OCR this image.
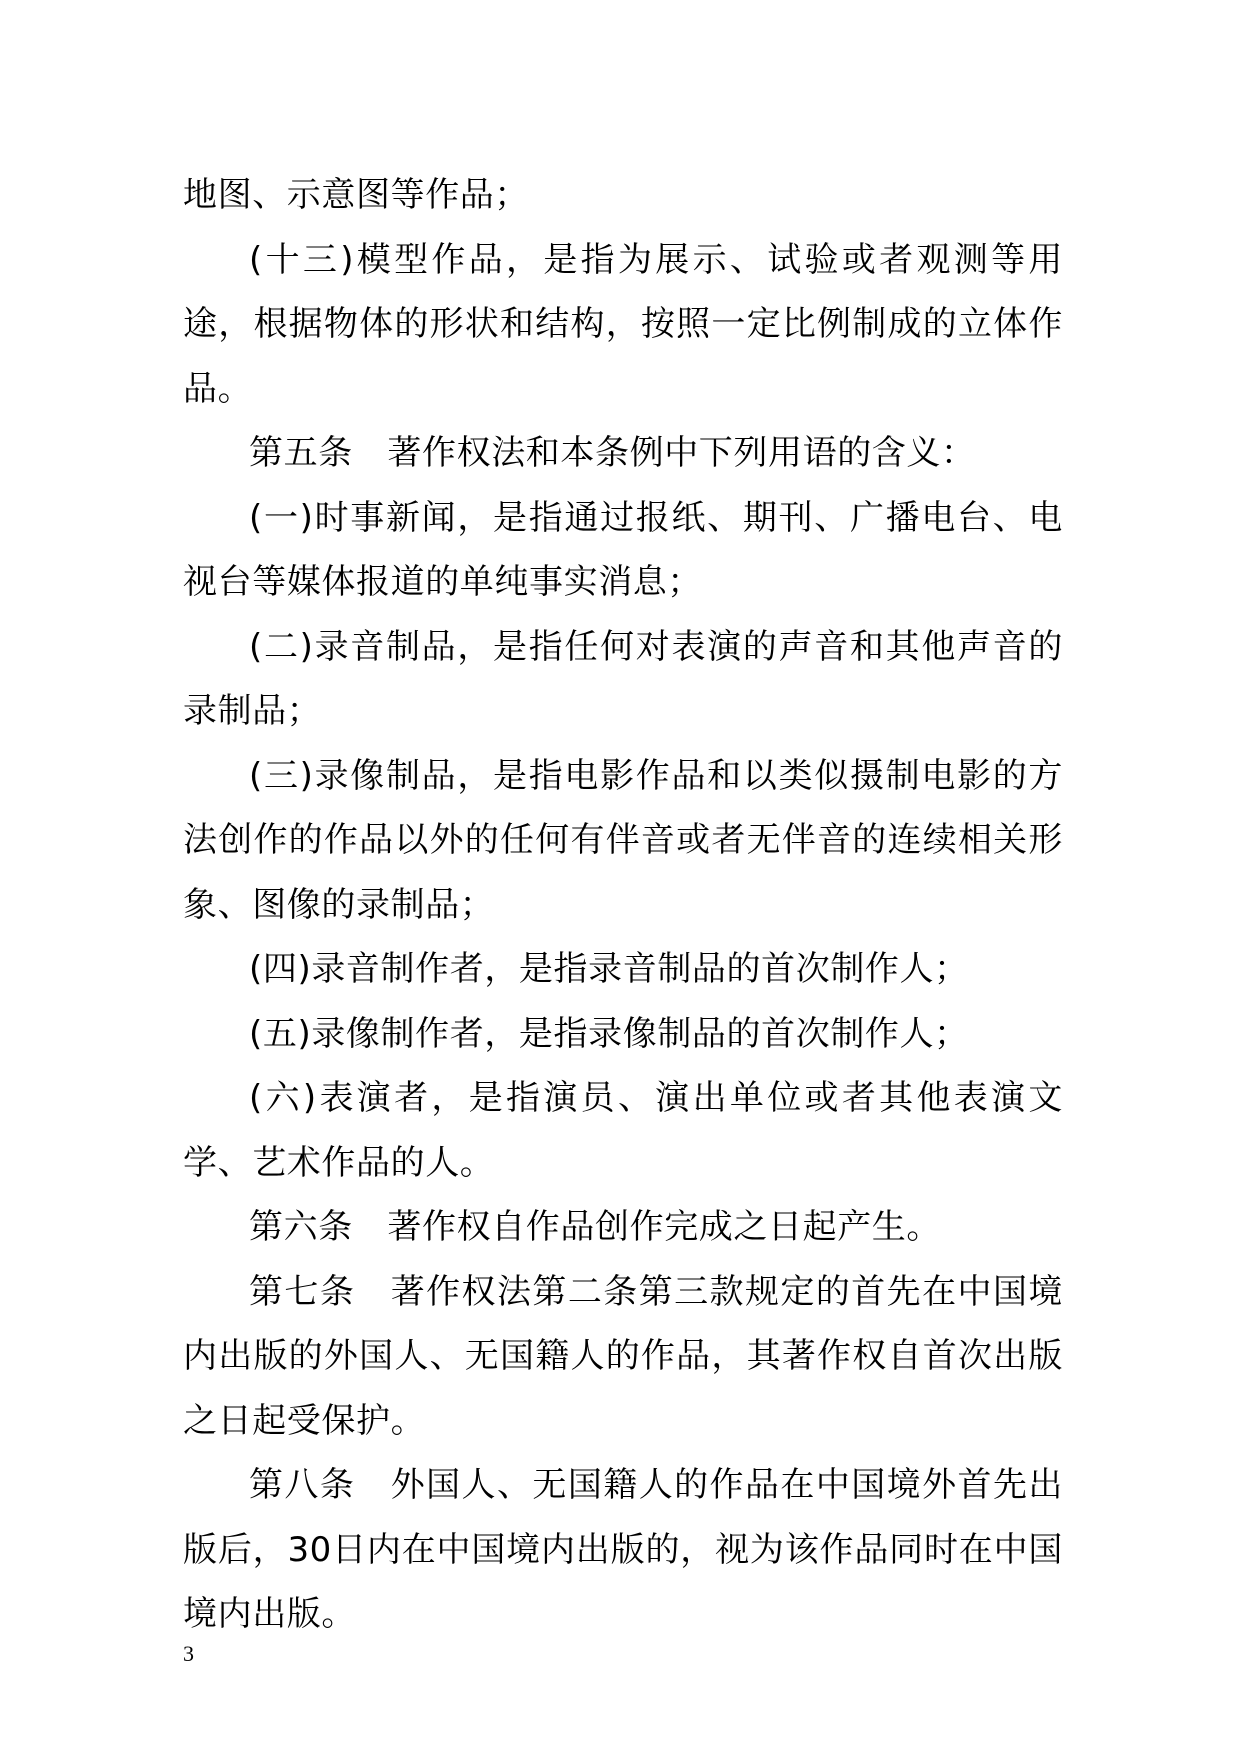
地图、示意图等作品；

(十三)模型作品，是指为展示、试验或者观测等用途，根据物体的形状和结构，按照一定比例制成的立体作品。

第五条　著作权法和本条例中下列用语的含义：

(一)时事新闻，是指通过报纸、期刊、广播电台、电视台等媒体报道的单纯事实消息；

(二)录音制品，是指任何对表演的声音和其他声音的录制品；

(三)录像制品，是指电影作品和以类似摄制电影的方法创作的作品以外的任何有伴音或者无伴音的连续相关形象、图像的录制品；

(四)录音制作者，是指录音制品的首次制作人；

(五)录像制作者，是指录像制品的首次制作人；

(六)表演者，是指演员、演出单位或者其他表演文学、艺术作品的人。

第六条　著作权自作品创作完成之日起产生。

第七条　著作权法第二条第三款规定的首先在中国境内出版的外国人、无国籍人的作品，其著作权自首次出版之日起受保护。

第八条　外国人、无国籍人的作品在中国境外首先出版后，30日内在中国境内出版的，视为该作品同时在中国境内出版。

3
